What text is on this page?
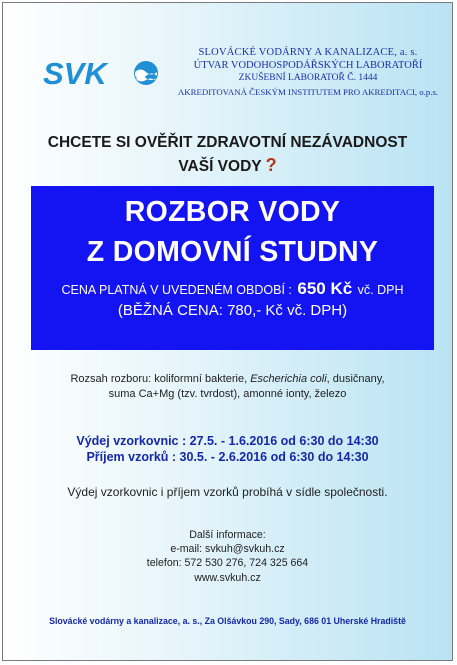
SVK
SLOVÁCKÉ VODÁRNY A KANALIZACE, a. s.
ÚTVAR VODOHOSPODÁŘSKÝCH LABORATOŘÍ
ZKUŠEBNÍ LABORATOŘ Č. 1444
AKREDITOVANÁ ČESKÝM INSTITUTEM PRO AKREDITACI, o.p.s.
CHCETE SI OVĚŘIT ZDRAVOTNÍ NEZÁVADNOST
VAŠÍ VODY ?
ROZBOR VODY
Z DOMOVNÍ STUDNY
CENA PLATNÁ V UVEDENÉM OBDOBÍ : 650 Kč vč. DPH
(BĚŽNÁ CENA: 780,- Kč vč. DPH)
Rozsah rozboru: koliformní bakterie, Escherichia coli, dusičnany,
suma Ca+Mg (tzv. tvrdost), amonné ionty, železo
Výdej vzorkovnic : 27.5. - 1.6.2016 od 6:30 do 14:30
Příjem vzorků : 30.5. - 2.6.2016 od 6:30 do 14:30
Výdej vzorkovnic i příjem vzorků probíhá v sídle společnosti.
Další informace:
e-mail: svkuh@svkuh.cz
telefon: 572 530 276, 724 325 664
www.svkuh.cz
Slovácké vodárny a kanalizace, a. s., Za Olšávkou 290, Sady, 686 01 Uherské Hradiště
